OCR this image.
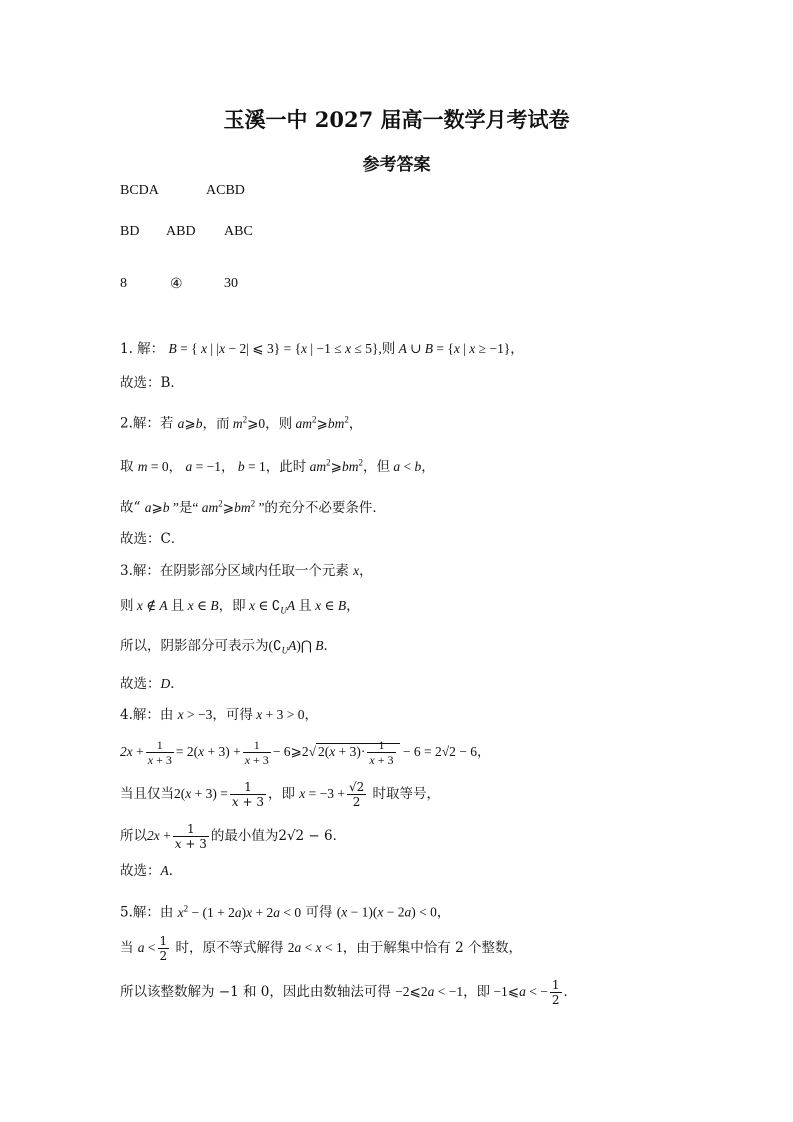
玉溪一中 2027 届高一数学月考试卷
参考答案
BCDA	ACBD
BD ABD ABC
8	④	30
1. 解： B = { x | |x − 2| ⩽ 3} = {x | −1 ≤ x ≤ 5},则 A ∪ B = {x | x ≥ −1}，
故选：B．
2.解：若 a⩾b，而 $m^2⩾0$，则 $am^2⩾bm^2$，
取 m = 0， a = −1， b = 1，此时 $am^2⩾bm^2$，但 a < b，
故“ a⩾b ”是“ $am^2⩾bm^2$ ”的充分不必要条件．
故选：C．
3.解：在阴影部分区域内任取一个元素 x，
则 x ∉ A 且 x ∈ B，即 x ∈ $∁_UA$ 且 x ∈ B，
所以，阴影部分可表示为$(∁_UA)⋂$ B．
故选：D．
4.解：由 x > −3，可得 x + 3 > 0，
$2x + \frac{1}{x + 3} = 2(x + 3) + \frac{1}{x + 3}$ − 6⩾2√ $2(x + 3)\cdot \frac{1}{x + 3} - 6 = 2√2 - 6$，
当且仅当$2(x + 3) = \frac{1}{x + 3}$ ，即 $x = -3 + \frac{√2}{2}$ 时取等号，
所以$2x + \frac{1}{x + 3}$ 的最小值为2√2 − 6．
故选：A．
5.解：由 $x^2 - (1 + 2a)x + 2a < 0$ 可得 (x − 1)(x − 2a) < 0，
当 $a < \frac{1}{2}$ 时，原不等式解得 2a < x < 1，由于解集中恰有 2 个整数，
所以该整数解为 −1 和 0，因此由数轴法可得 −2⩽2a < −1，即 −1⩽a < − $\frac{1}{2}$ ．
